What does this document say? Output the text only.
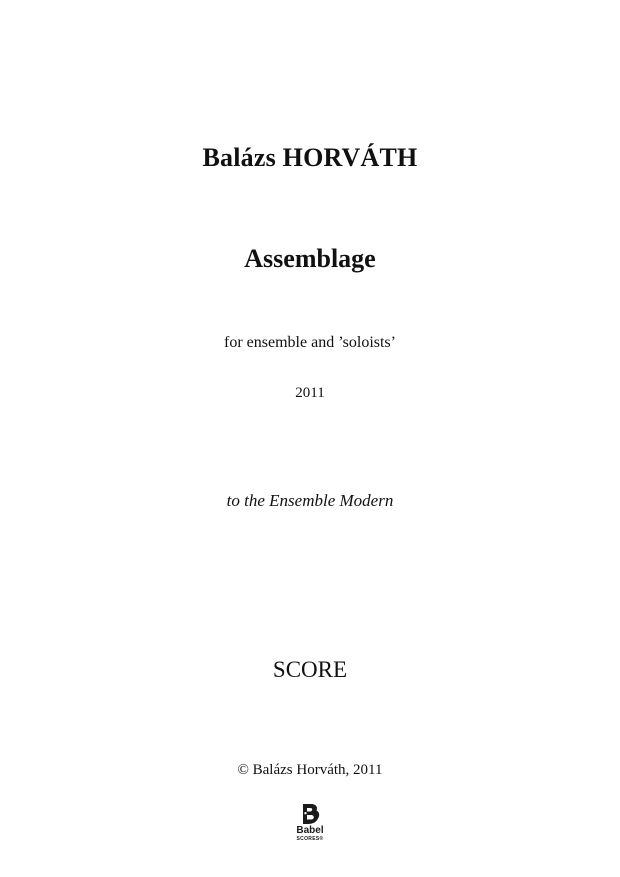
Balázs HORVÁTH
Assemblage
for ensemble and ’soloists’
2011
to the Ensemble Modern
SCORE
© Balázs Horváth, 2011
Babel
SCORES®
